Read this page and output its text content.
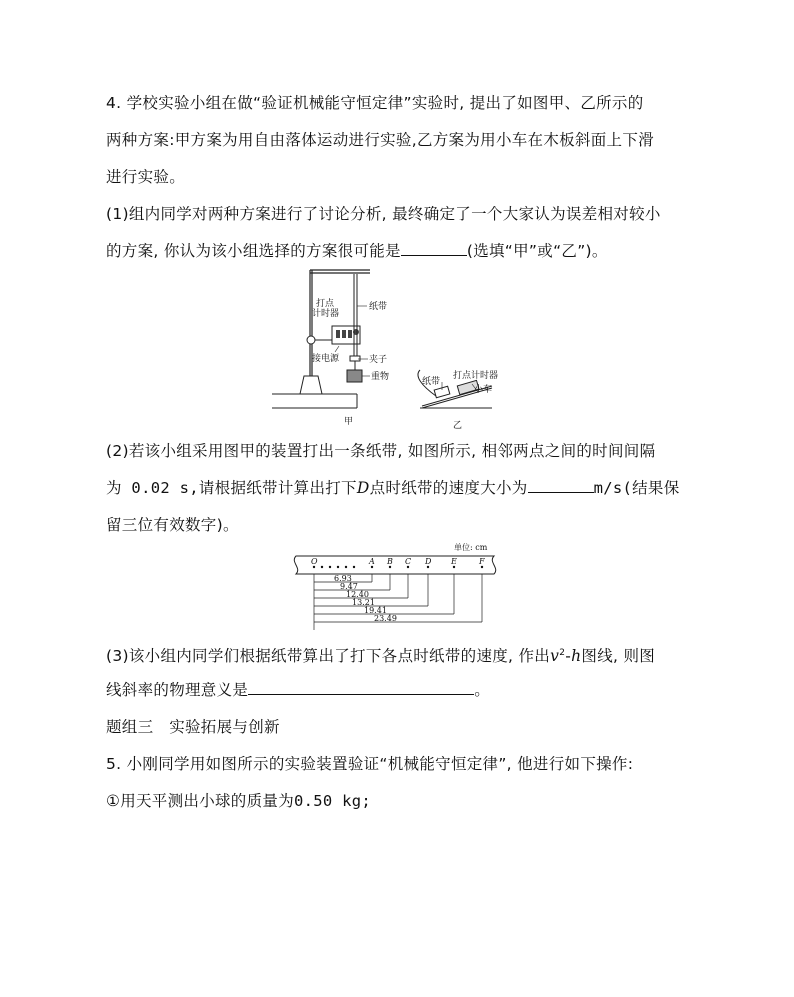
4. 学校实验小组在做“验证机械能守恒定律”实验时, 提出了如图甲、乙所示的
两种方案:甲方案为用自由落体运动进行实验,乙方案为用小车在木板斜面上下滑
进行实验。
(1)组内同学对两种方案进行了讨论分析, 最终确定了一个大家认为误差相对较小
的方案, 你认为该小组选择的方案很可能是	(选填“甲”或“乙”)。
打点
计时器
纸带
接电源	夹子
重物
甲
纸带
打点计时器
小车
乙
(2)若该小组采用图甲的装置打出一条纸带, 如图所示, 相邻两点之间的时间间隔
为 0.02 s,请根据纸带计算出打下D点时纸带的速度大小为	m/s(结果保
留三位有效数字)。
单位: cm
O	A B C D E	F
6.93
9.47
12.40
13.21
19.41
23.49
(3)该小组内同学们根据纸带算出了打下各点时纸带的速度, 作出$v^2-h$图线, 则图
线斜率的物理意义是	。
题组三　实验拓展与创新
5. 小刚同学用如图所示的实验装置验证“机械能守恒定律”, 他进行如下操作:
①用天平测出小球的质量为0.50 kg;
